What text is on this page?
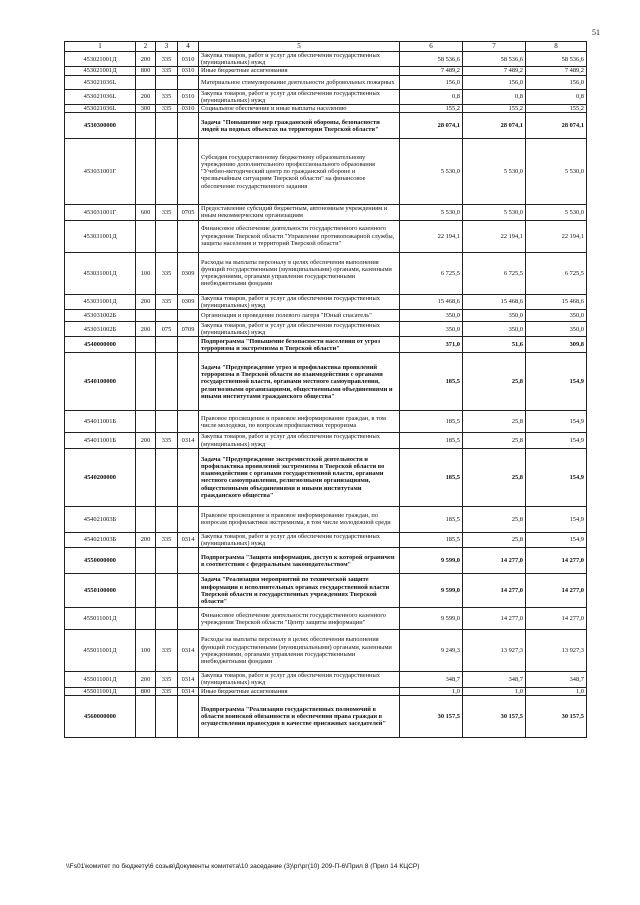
51
1	2	3	4	5	6	7	8
453021001Д	200	335	0310	Закупка товаров, работ и услуг для обеспечения государственных (муниципальных) нужд	58 536,6	58 536,6	58 536,6
453021001Д	800	335	0310	Иные бюджетные ассигнования	7 489,2	7 489,2	7 489,2
453021036L				Материальное стимулирование деятельности добровольных пожарных	156,0	156,0	156,0
453021036L	200	335	0310	Закупка товаров, работ и услуг для обеспечения государственных (муниципальных) нужд	0,8	0,8	0,8
453021036L	300	335	0310	Социальное обеспечение и иные выплаты населению	155,2	155,2	155,2
4530300000				Задача "Повышение мер гражданской обороны, безопасности людей на водных объектах на территории Тверской области"	28 074,1	28 074,1	28 074,1
453031001Г				Субсидия государственному бюджетному образовательному учреждению дополнительного профессионального образования "Учебно-методический центр по гражданской обороне и чрезвычайным ситуациям Тверской области" на финансовое обеспечение государственного задания	5 530,0	5 530,0	5 530,0
453031001Г	600	335	0705	Предоставление субсидий бюджетным, автономным учреждениям и иным некоммерческим организациям	5 530,0	5 530,0	5 530,0
453031001Д				Финансовое обеспечение деятельности государственного казенного учреждения Тверской области "Управление противопожарной службы, защиты населения и территорий Тверской области"	22 194,1	22 194,1	22 194,1
453031001Д	100	335	0309	Расходы на выплаты персоналу в целях обеспечения выполнения функций государственными (муниципальными) органами, казенными учреждениями, органами управления государственными внебюджетными фондами	6 725,5	6 725,5	6 725,5
453031001Д	200	335	0309	Закупка товаров, работ и услуг для обеспечения государственных (муниципальных) нужд	15 468,6	15 468,6	15 468,6
453031002Б				Организация и проведение полевого лагеря "Юный спасатель"	350,0	350,0	350,0
453031002Б	200	075	0709	Закупка товаров, работ и услуг для обеспечения государственных (муниципальных) нужд	350,0	350,0	350,0
4540000000				Подпрограмма "Повышение безопасности населения от угроз терроризма и экстремизма в Тверской области"	371,0	51,6	309,8
4540100000				Задача "Предупреждение угроз и профилактика проявлений терроризма в Тверской области во взаимодействии с органами государственной власти, органами местного самоуправления, религиозными организациями, общественными объединениями и иными институтами гражданского общества"	185,5	25,8	154,9
454011001Б				Правовое просвещение и правовое информирование граждан, в том числе молодежи, по вопросам профилактики терроризма	185,5	25,8	154,9
454011001Б	200	335	0314	Закупка товаров, работ и услуг для обеспечения государственных (муниципальных) нужд	185,5	25,8	154,9
4540200000				Задача "Предупреждение экстремистской деятельности и профилактика проявлений экстремизма в Тверской области во взаимодействии с органами государственной власти, органами местного самоуправления, религиозными организациями, общественными объединениями и иными институтами гражданского общества"	185,5	25,8	154,9
454021003Б				Правовое просвещение и правовое информирование граждан, по вопросам профилактики экстремизма, в том числе молодежной среди	185,5	25,8	154,9
454021003Б	200	335	0314	Закупка товаров, работ и услуг для обеспечения государственных (муниципальных) нужд	185,5	25,8	154,9
4550000000				Подпрограмма "Защита информации, доступ к которой ограничен в соответствии с федеральным законодательством"	9 599,0	14 277,0	14 277,0
4550100000				Задача "Реализация мероприятий по технической защите информации в исполнительных органах государственной власти Тверской области и государственных учреждениях Тверской области"	9 599,0	14 277,0	14 277,0
455011001Д				Финансовое обеспечение деятельности государственного казенного учреждения Тверской области "Центр защиты информации"	9 599,0	14 277,0	14 277,0
455011001Д	100	335	0314	Расходы на выплаты персоналу в целях обеспечения выполнения функций государственными (муниципальными) органами, казенными учреждениями, органами управления государственными внебюджетными фондами	9 249,3	13 927,3	13 927,3
455011001Д	200	335	0314	Закупка товаров, работ и услуг для обеспечения государственных (муниципальных) нужд	348,7	348,7	348,7
455011001Д	800	335	0314	Иные бюджетные ассигнования	1,0	1,0	1,0
4560000000				Подпрограмма "Реализация государственных полномочий в области воинской обязанности и обеспечения права граждан в осуществлении правосудия в качестве присяжных заседателей"	30 157,5	30 157,5	30 157,5
\\Fs01\комитет по бюджету\6 созыв\Документы комитета\10 заседание (3)\рг\рг(10) 209-П-6\Прил 8 (Прил 14 КЦСР)
